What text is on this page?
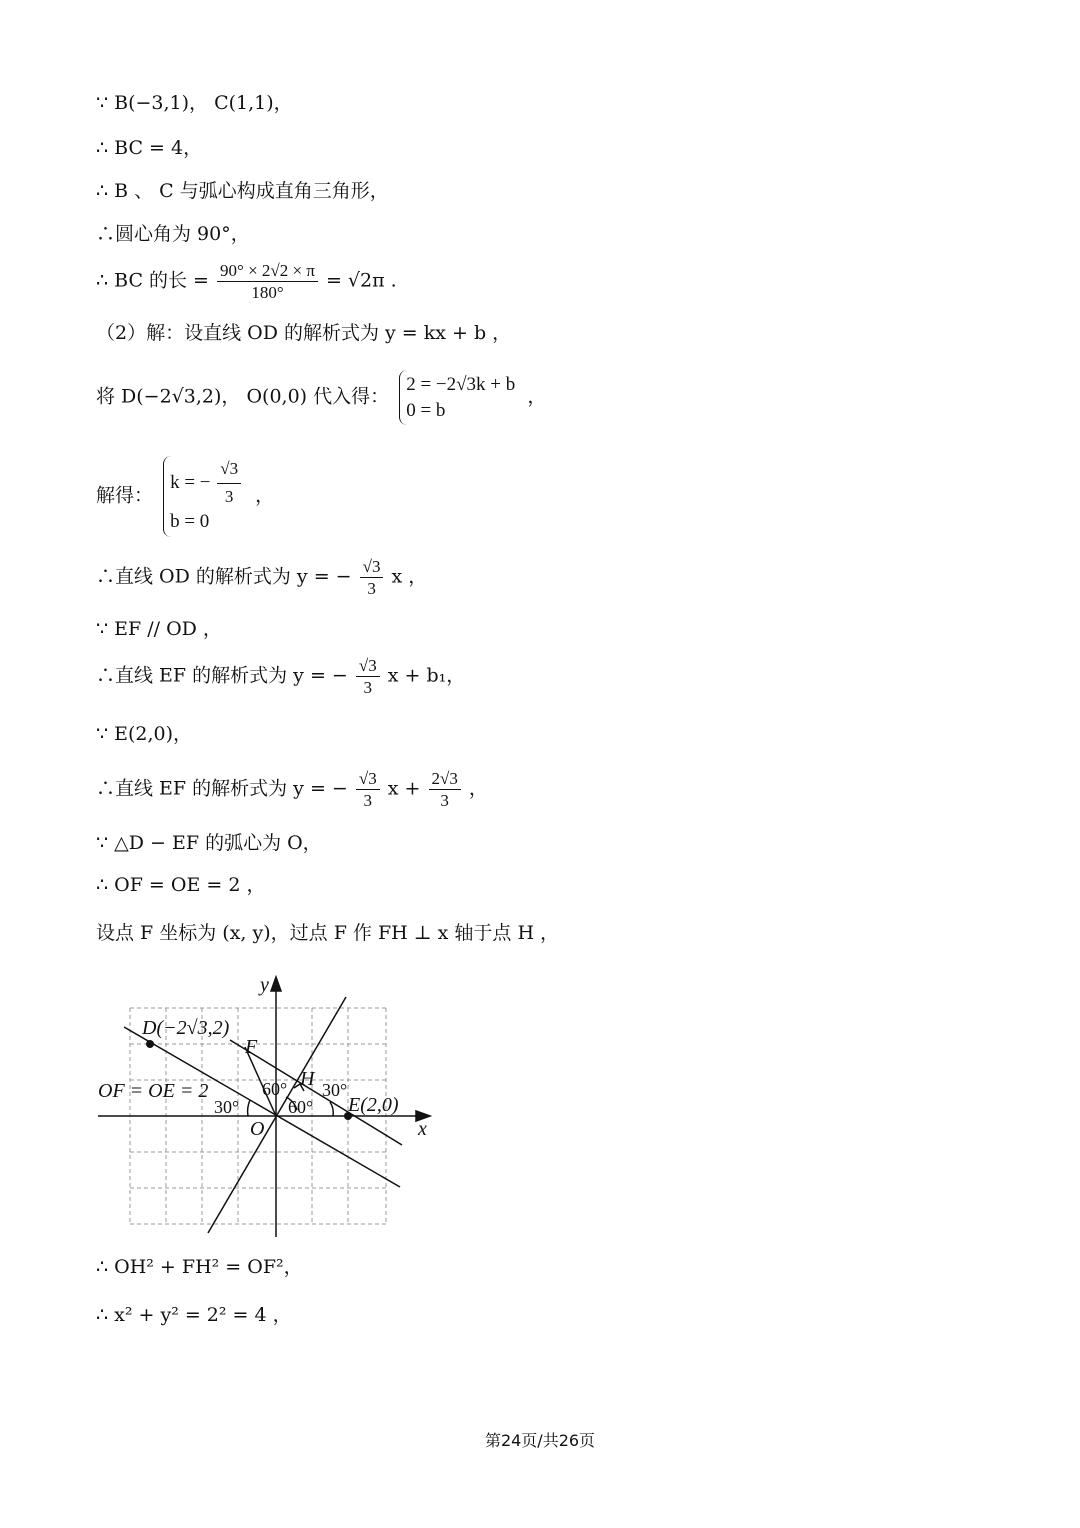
∵ B(−3,1)， C(1,1)，
∴ BC = 4，
∴ B 、 C 与弧心构成直角三角形，
∴圆心角为 90°，
∴ BC 的长 = $\frac{90^\circ \times 2√2 \times \pi}{180^\circ} = √2\pi$ .
（2）解：设直线 OD 的解析式为 y = kx + b ，
将 D(−2√3,2)， O(0,0) 代入得：
2 = −2√3k + b
0 = b
，
解得：
k = − $\frac{√3}{3}$
b = 0
，
∴直线 OD 的解析式为 y = − $\frac{√3}{3}$ x ，
∵ EF // OD ，
∴直线 EF 的解析式为 y = − $\frac{√3}{3}$ x + b₁，
∵ E(2,0)，
∴直线 EF 的解析式为 y = − $\frac{√3}{3}$ $x + \frac{2√3}{3}$ ，
∵ △D − EF 的弧心为 O，
∴ OF = OE = 2 ，
设点 F 坐标为 (x, y)，过点 F 作 FH ⊥ x 轴于点 H ，
y
x
O
D(−2√3,2)
F
H
E(2,0)
OF = OE = 2
30°
60°
60°
30°
∴ OH² + FH² = OF²，
∴ x² + y² = 2² = 4 ，
第24页/共26页
